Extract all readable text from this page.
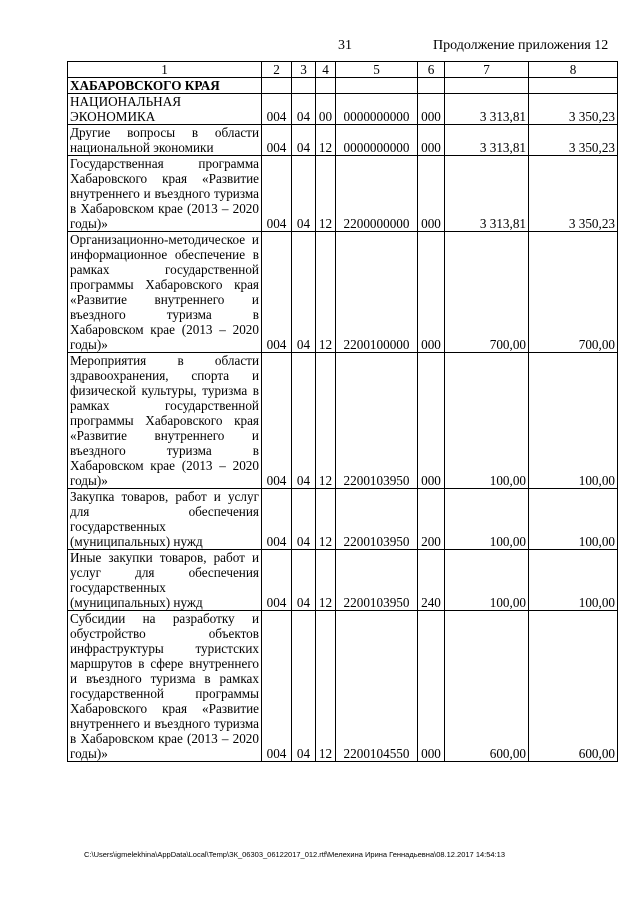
31	Продолжение приложения 12
1	2	3	4	5	6	7	8
ХАБАРОВСКОГО КРАЯ							
НАЦИОНАЛЬНАЯ ЭКОНОМИКА	004	04	00	0000000000	000	3 313,81	3 350,23
Другие вопросы в области национальной экономики	004	04	12	0000000000	000	3 313,81	3 350,23
Государственная программа Хабаровского края «Развитие внутреннего и въездного туризма в Хабаровском крае (2013 – 2020 годы)»	004	04	12	2200000000	000	3 313,81	3 350,23
Организационно-методическое и информационное обеспечение в рамках государственной программы Хабаровского края «Развитие внутреннего и въездного туризма в Хабаровском крае (2013 – 2020 годы)»	004	04	12	2200100000	000	700,00	700,00
Мероприятия в области здравоохранения, спорта и физической культуры, туризма в рамках государственной программы Хабаровского края «Развитие внутреннего и въездного туризма в Хабаровском крае (2013 – 2020 годы)»	004	04	12	2200103950	000	100,00	100,00
Закупка товаров, работ и услуг для обеспечения государственных (муниципальных) нужд	004	04	12	2200103950	200	100,00	100,00
Иные закупки товаров, работ и услуг для обеспечения государственных (муниципальных) нужд	004	04	12	2200103950	240	100,00	100,00
Субсидии на разработку и обустройство объектов инфраструктуры туристских маршрутов в сфере внутреннего и въездного туризма в рамках государственной программы Хабаровского края «Развитие внутреннего и въездного туризма в Хабаровском крае (2013 – 2020 годы)»	004	04	12	2200104550	000	600,00	600,00
C:\Users\igmelekhina\AppData\Local\Temp\ЗК_06303_06122017_012.rtf\Мелехина Ирина Геннадьевна\08.12.2017 14:54:13
